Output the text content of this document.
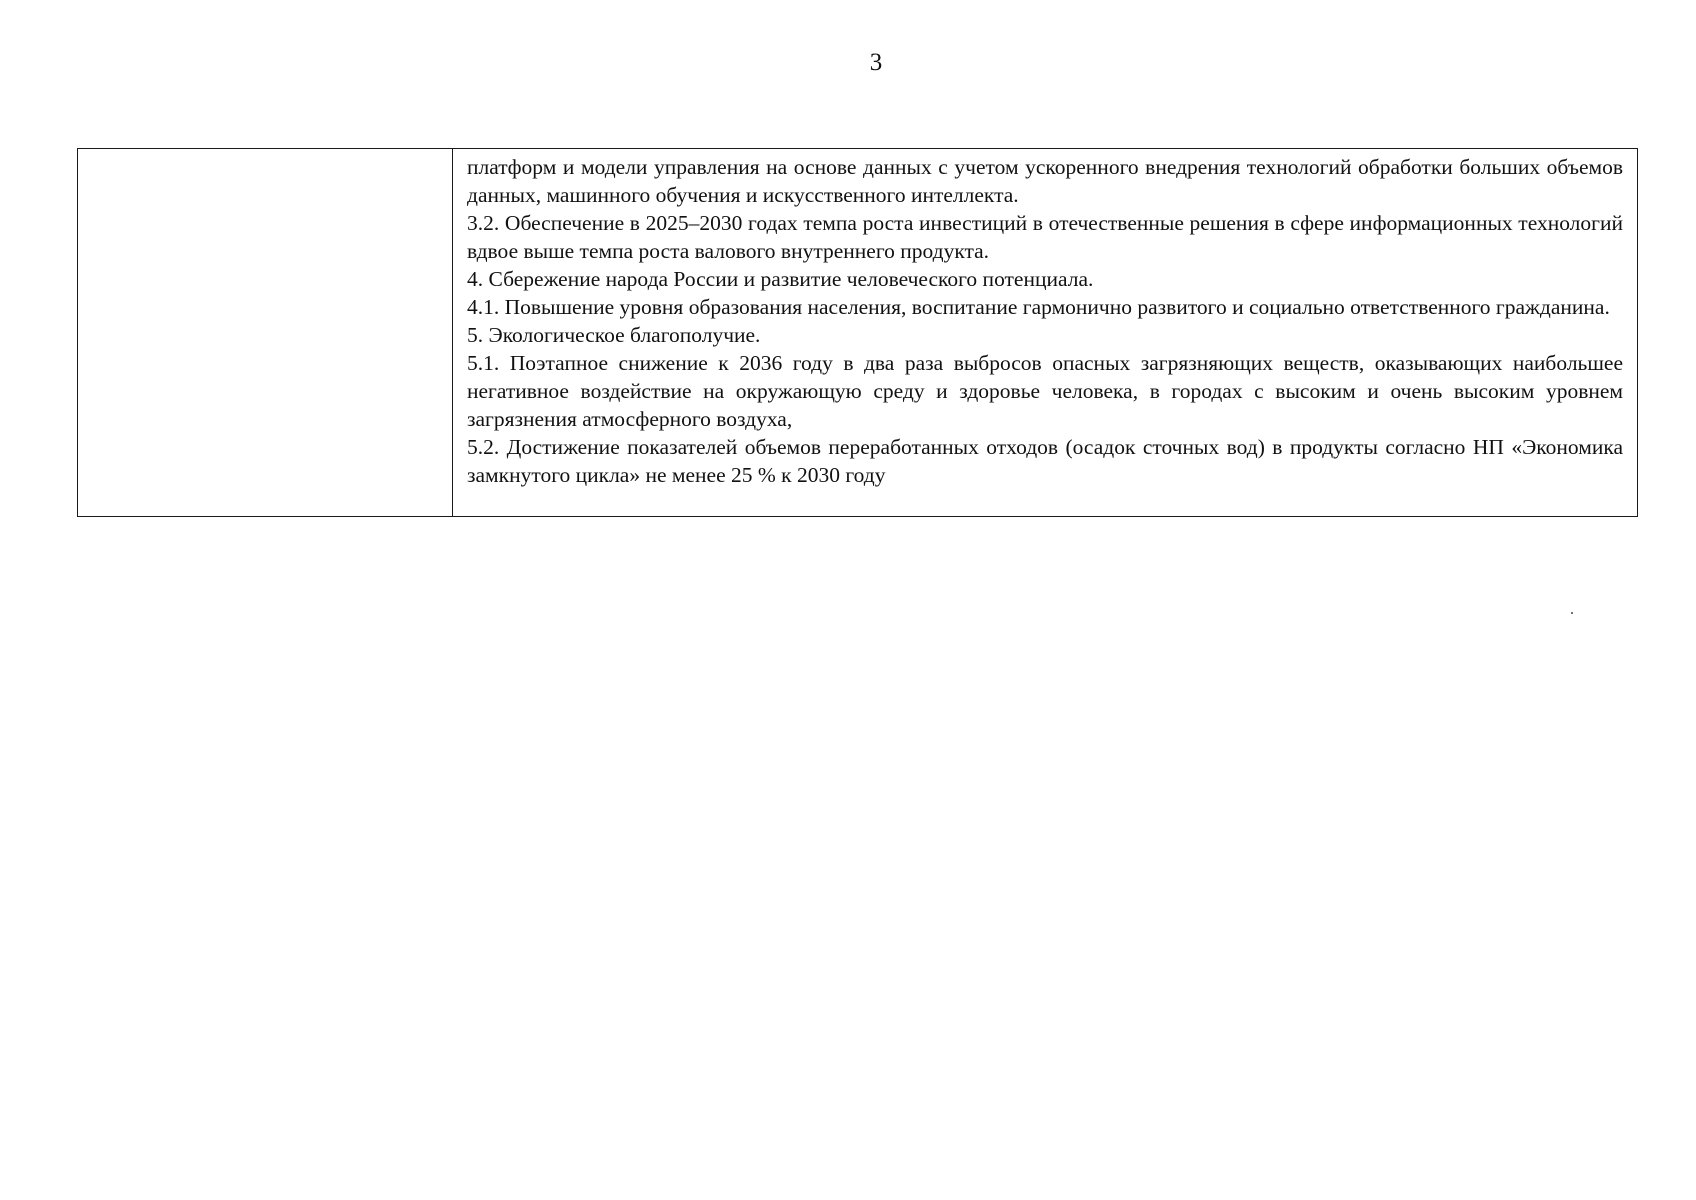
3

платформ и модели управления на основе данных с учетом ускоренного внедрения технологий обработки больших объемов данных, машинного обучения и искусственного интеллекта.

3.2. Обеспечение в 2025–2030 годах темпа роста инвестиций в отечественные решения в сфере информационных технологий вдвое выше темпа роста валового внутреннего продукта.

4. Сбережение народа России и развитие человеческого потенциала.

4.1. Повышение уровня образования населения, воспитание гармонично развитого и социально ответственного гражданина.

5. Экологическое благополучие.

5.1. Поэтапное снижение к 2036 году в два раза выбросов опасных загрязняющих веществ, оказывающих наибольшее негативное воздействие на окружающую среду и здоровье человека, в городах с высоким и очень высоким уровнем загрязнения атмосферного воздуха,

5.2. Достижение показателей объемов переработанных отходов (осадок сточных вод) в продукты согласно НП «Экономика замкнутого цикла» не менее 25 % к 2030 году
